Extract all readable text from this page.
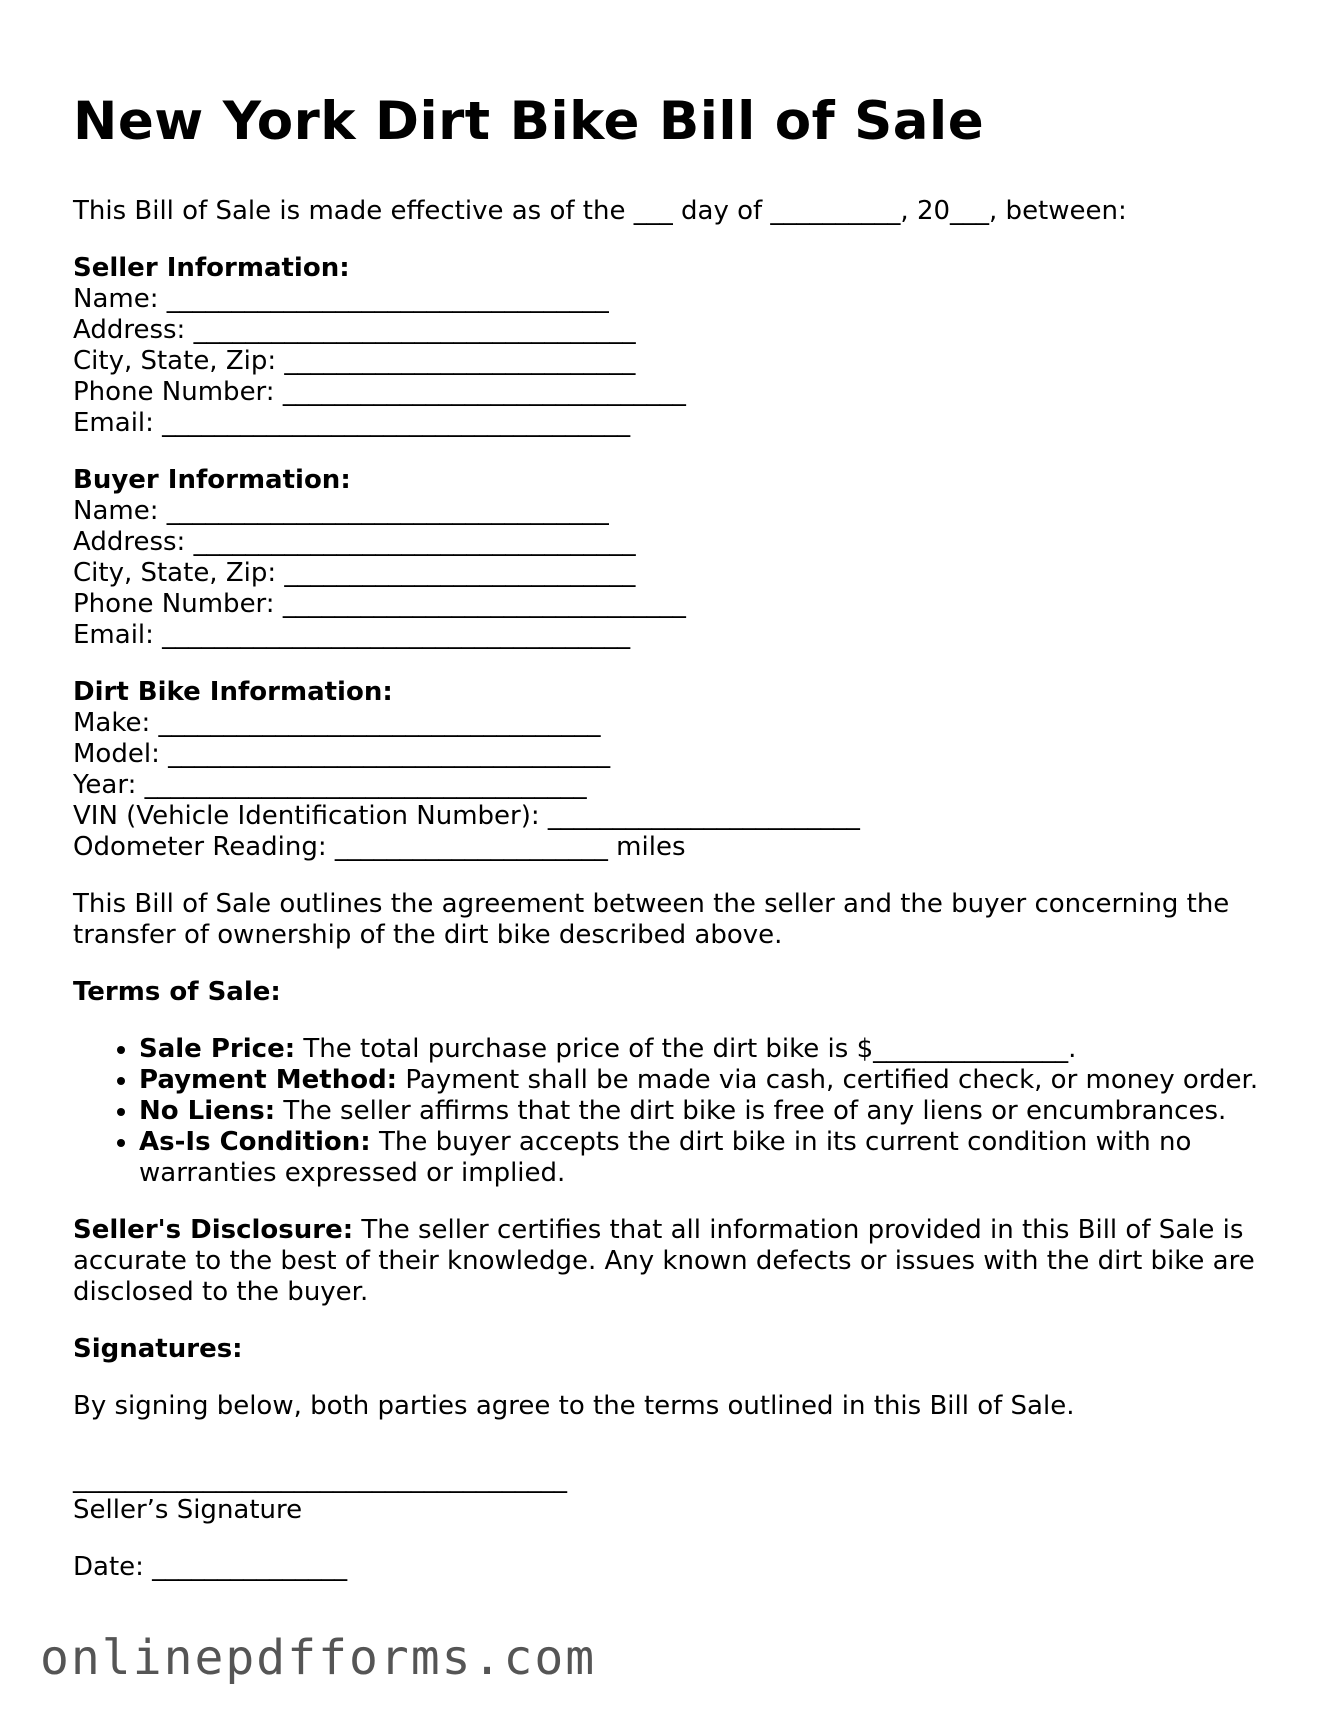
New York Dirt Bike Bill of Sale

This Bill of Sale is made effective as of the ___ day of __________, 20___, between:

Seller Information:
Name: __________________________________
Address: __________________________________
City, State, Zip: ___________________________
Phone Number: _______________________________
Email: ____________________________________
Buyer Information:
Name: __________________________________
Address: __________________________________
City, State, Zip: ___________________________
Phone Number: _______________________________
Email: ____________________________________
Dirt Bike Information:
Make: __________________________________
Model: __________________________________
Year: __________________________________
VIN (Vehicle Identification Number): ________________________
Odometer Reading: _____________________ miles

This Bill of Sale outlines the agreement between the seller and the buyer concerning the transfer of ownership of the dirt bike described above.

Terms of Sale:
• Sale Price: The total purchase price of the dirt bike is $_______________.
• Payment Method: Payment shall be made via cash, certified check, or money order.
• No Liens: The seller affirms that the dirt bike is free of any liens or encumbrances.
• As-Is Condition: The buyer accepts the dirt bike in its current condition with no warranties expressed or implied.

Seller's Disclosure: The seller certifies that all information provided in this Bill of Sale is accurate to the best of their knowledge. Any known defects or issues with the dirt bike are disclosed to the buyer.

Signatures:

By signing below, both parties agree to the terms outlined in this Bill of Sale.

______________________________________
Seller’s Signature
Date: _______________
onlinepdfforms.com
